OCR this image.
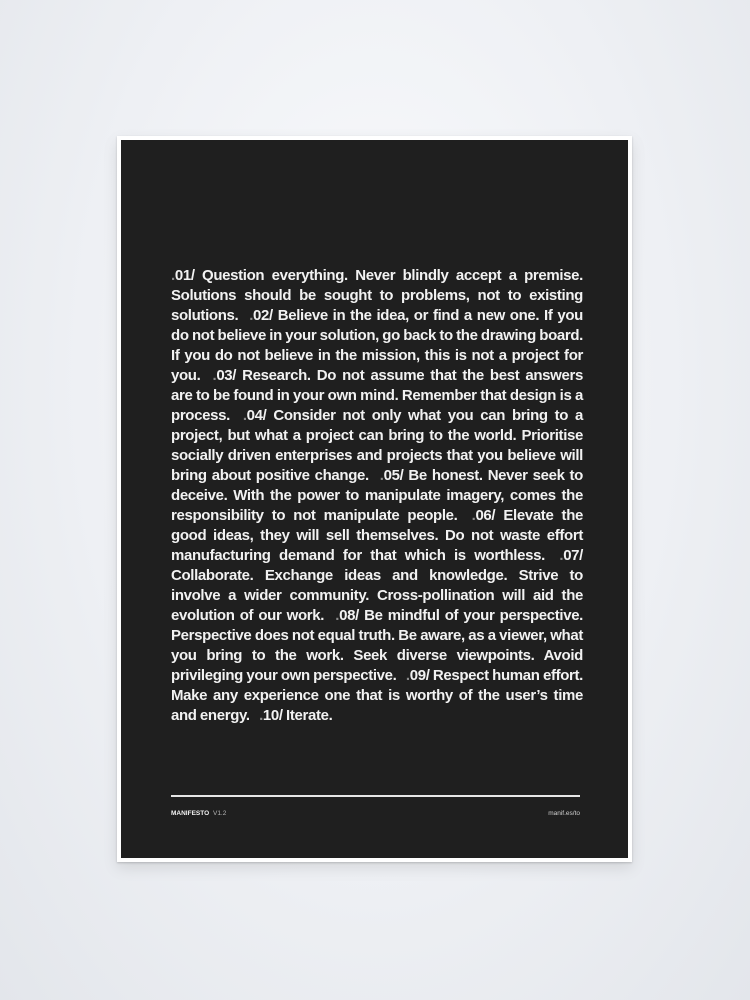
.01/ Question everything. Never blindly accept a premise. Solutions should be sought to problems, not to existing solutions. .02/ Believe in the idea, or find a new one. If you do not believe in your solution, go back to the drawing board. If you do not believe in the mission, this is not a project for you. .03/ Research. Do not assume that the best answers are to be found in your own mind. Remember that design is a process. .04/ Consider not only what you can bring to a project, but what a project can bring to the world. Prioritise socially driven enterprises and projects that you believe will bring about positive change. .05/ Be honest. Never seek to deceive. With the power to manipulate imagery, comes the responsibility to not manipulate people. .06/ Elevate the good ideas, they will sell themselves. Do not waste effort manufacturing demand for that which is worthless. .07/ Collaborate. Exchange ideas and knowledge. Strive to involve a wider community. Cross-pollination will aid the evolution of our work. .08/ Be mindful of your perspective. Perspective does not equal truth. Be aware, as a viewer, what you bring to the work. Seek diverse viewpoints. Avoid privileging your own perspective. .09/ Respect human effort. Make any experience one that is worthy of the user’s time and energy. .10/ Iterate.
MANIFESTO V1.2	manif.es/to
